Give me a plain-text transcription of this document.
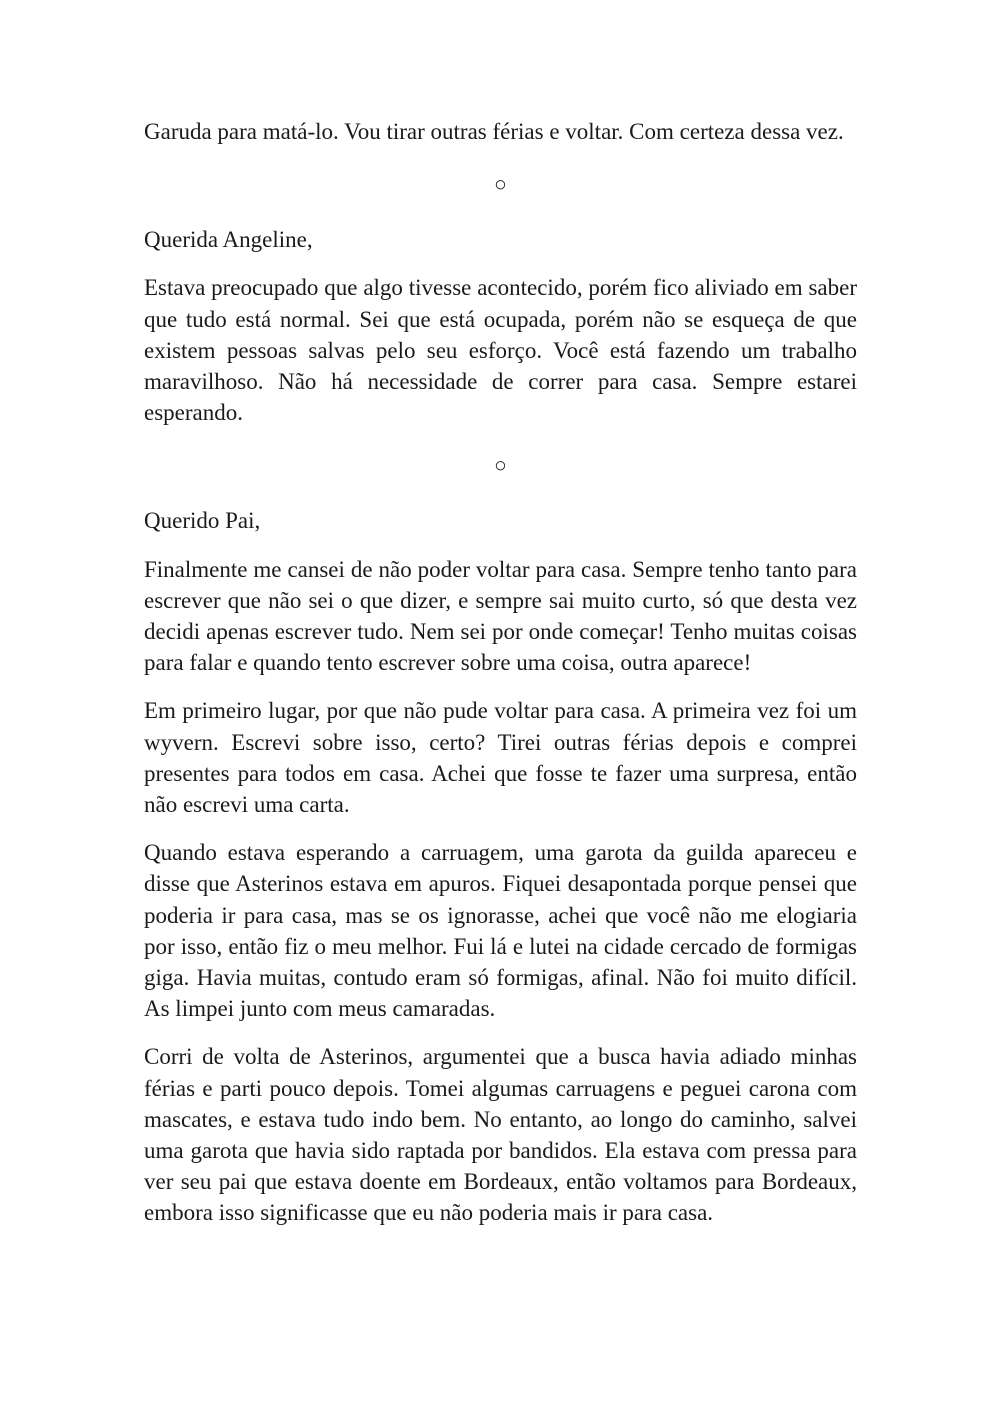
Garuda para matá-lo. Vou tirar outras férias e voltar. Com certeza dessa vez.

○

Querida Angeline,

Estava preocupado que algo tivesse acontecido, porém fico aliviado em saber que tudo está normal. Sei que está ocupada, porém não se esqueça de que existem pessoas salvas pelo seu esforço. Você está fazendo um trabalho maravilhoso. Não há necessidade de correr para casa. Sempre estarei esperando.

○

Querido Pai,

Finalmente me cansei de não poder voltar para casa. Sempre tenho tanto para escrever que não sei o que dizer, e sempre sai muito curto, só que desta vez decidi apenas escrever tudo. Nem sei por onde começar! Tenho muitas coisas para falar e quando tento escrever sobre uma coisa, outra aparece!

Em primeiro lugar, por que não pude voltar para casa. A primeira vez foi um wyvern. Escrevi sobre isso, certo? Tirei outras férias depois e comprei presentes para todos em casa. Achei que fosse te fazer uma surpresa, então não escrevi uma carta.

Quando estava esperando a carruagem, uma garota da guilda apareceu e disse que Asterinos estava em apuros. Fiquei desapontada porque pensei que poderia ir para casa, mas se os ignorasse, achei que você não me elogiaria por isso, então fiz o meu melhor. Fui lá e lutei na cidade cercado de formigas giga. Havia muitas, contudo eram só formigas, afinal. Não foi muito difícil. As limpei junto com meus camaradas.

Corri de volta de Asterinos, argumentei que a busca havia adiado minhas férias e parti pouco depois. Tomei algumas carruagens e peguei carona com mascates, e estava tudo indo bem. No entanto, ao longo do caminho, salvei uma garota que havia sido raptada por bandidos. Ela estava com pressa para ver seu pai que estava doente em Bordeaux, então voltamos para Bordeaux, embora isso significasse que eu não poderia mais ir para casa.
